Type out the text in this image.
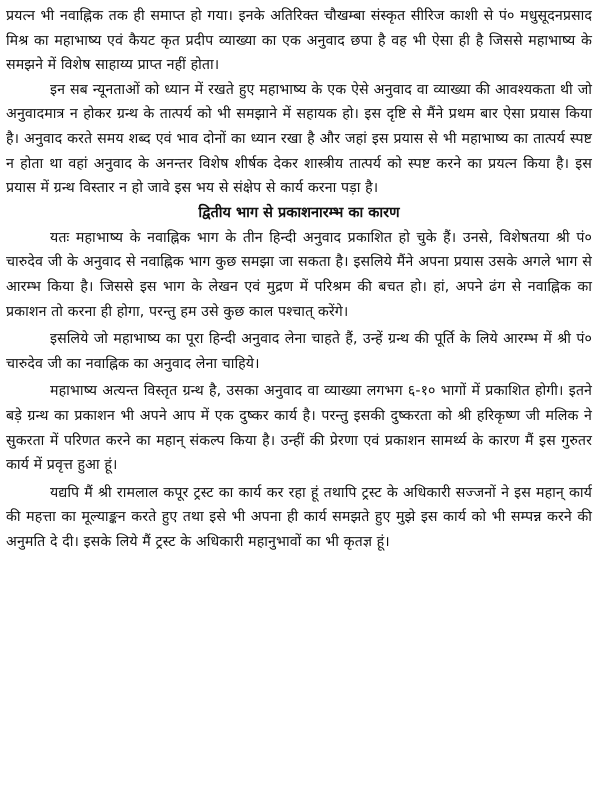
प्रयत्न भी नवाह्निक तक ही समाप्त हो गया। इनके अतिरिक्त चौखम्बा संस्कृत सीरिज काशी से पं० मधुसूदनप्रसाद मिश्र का महाभाष्य एवं कैयट कृत प्रदीप व्याख्या का एक अनुवाद छपा है वह भी ऐसा ही है जिससे महाभाष्य के समझने में विशेष साहाय्य प्राप्त नहीं होता।

इन सब न्यूनताओं को ध्यान में रखते हुए महाभाष्य के एक ऐसे अनुवाद वा व्याख्या की आवश्यकता थी जो अनुवादमात्र न होकर ग्रन्थ के तात्पर्य को भी समझाने में सहायक हो। इस दृष्टि से मैंने प्रथम बार ऐसा प्रयास किया है। अनुवाद करते समय शब्द एवं भाव दोनों का ध्यान रखा है और जहां इस प्रयास से भी महाभाष्य का तात्पर्य स्पष्ट न होता था वहां अनुवाद के अनन्तर विशेष शीर्षक देकर शास्त्रीय तात्पर्य को स्पष्ट करने का प्रयत्न किया है। इस प्रयास में ग्रन्थ विस्तार न हो जावे इस भय से संक्षेप से कार्य करना पड़ा है।

द्वितीय भाग से प्रकाशनारम्भ का कारण

यतः महाभाष्य के नवाह्निक भाग के तीन हिन्दी अनुवाद प्रकाशित हो चुके हैं। उनसे, विशेषतया श्री पं० चारुदेव जी के अनुवाद से नवाह्निक भाग कुछ समझा जा सकता है। इसलिये मैंने अपना प्रयास उसके अगले भाग से आरम्भ किया है। जिससे इस भाग के लेखन एवं मुद्रण में परिश्रम की बचत हो। हां, अपने ढंग से नवाह्निक का प्रकाशन तो करना ही होगा, परन्तु हम उसे कुछ काल पश्चात् करेंगे।

इसलिये जो महाभाष्य का पूरा हिन्दी अनुवाद लेना चाहते हैं, उन्हें ग्रन्थ की पूर्ति के लिये आरम्भ में श्री पं० चारुदेव जी का नवाह्निक का अनुवाद लेना चाहिये।

महाभाष्य अत्यन्त विस्तृत ग्रन्थ है, उसका अनुवाद वा व्याख्या लगभग ६-१० भागों में प्रकाशित होगी। इतने बड़े ग्रन्थ का प्रकाशन भी अपने आप में एक दुष्कर कार्य है। परन्तु इसकी दुष्करता को श्री हरिकृष्ण जी मलिक ने सुकरता में परिणत करने का महान् संकल्प किया है। उन्हीं की प्रेरणा एवं प्रकाशन सामर्थ्य के कारण मैं इस गुरुतर कार्य में प्रवृत्त हुआ हूं।

यद्यपि मैं श्री रामलाल कपूर ट्रस्ट का कार्य कर रहा हूं तथापि ट्रस्ट के अधिकारी सज्जनों ने इस महान् कार्य की महत्ता का मूल्याङ्कन करते हुए तथा इसे भी अपना ही कार्य समझते हुए मुझे इस कार्य को भी सम्पन्न करने की अनुमति दे दी। इसके लिये मैं ट्रस्ट के अधिकारी महानुभावों का भी कृतज्ञ हूं।
